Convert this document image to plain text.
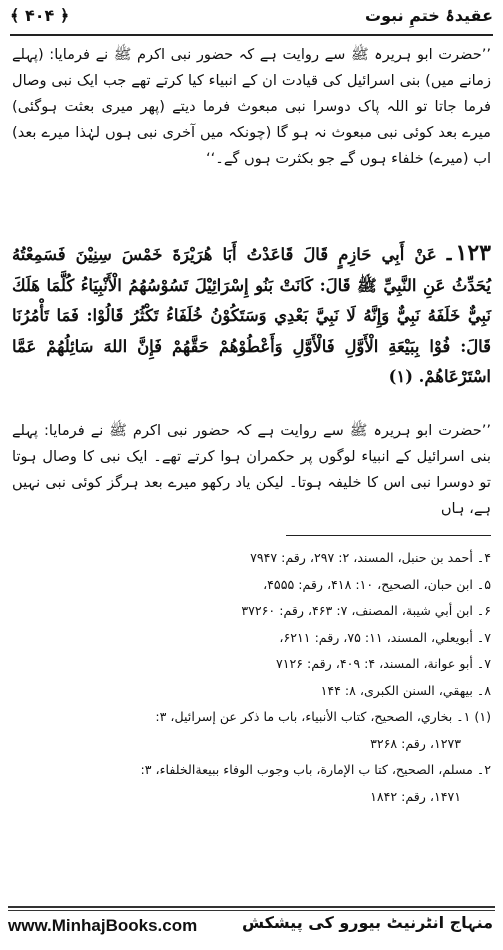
عقیدۂ ختمِ نبوت
﴾ ۴۰۴ ﴿
’’حضرت ابو ہریرہ ﷺ سے روایت ہے کہ حضور نبی اکرم ﷺ نے فرمایا: (پہلے زمانے میں) بنی اسرائیل کی قیادت ان کے انبیاء کیا کرتے تھے جب ایک نبی وصال فرما جاتا تو اللہ پاک دوسرا نبی مبعوث فرما دیتے (پھر میری بعثت ہوگئی) میرے بعد کوئی نبی مبعوث نہ ہو گا (چونکہ میں آخری نبی ہوں لہٰذا میرے بعد) اب (میرے) خلفاء ہوں گے جو بکثرت ہوں گے۔‘‘
۱۲۳۔عَنْ أَبِي حَازِمٍ قَالَ قَاعَدْتُ أَبَا هُرَيْرَةَ خَمْسَ سِنِيْنَ فَسَمِعْتُهُ يُحَدِّثُ عَنِ النَّبِيِّ ﷺ قَالَ: كَانَتْ بَنُو إِسْرَائِيْلَ تَسُوْسُهُمُ الْأَنْبِيَاءُ كُلَّمَا هَلَكَ نَبِيٌّ خَلَفَهُ نَبِيٌّ وَإِنَّهُ لَا نَبِيَّ بَعْدِي وَسَتَكُوْنُ خُلَفَاءُ تَكْثُرُ قَالُوْا: فَمَا تَأْمُرُنَا قَالَ: فُوْا بِبَيْعَةِ الْأَوَّلِ فَالْأَوَّلِ وَأَعْطُوْهُمْ حَقَّهُمْ فَإِنَّ اللهَ سَائِلُهُمْ عَمَّا اسْتَرْعَاهُمْ. (۱)
’’حضرت ابو ہریرہ ﷺ سے روایت ہے کہ حضور نبی اکرم ﷺ نے فرمایا: پہلے بنی اسرائیل کے انبیاء لوگوں پر حکمران ہوا کرتے تھے۔ ایک نبی کا وصال ہوتا تو دوسرا نبی اس کا خلیفہ ہوتا۔ لیکن یاد رکھو میرے بعد ہرگز کوئی نبی نہیں ہے، ہاں
۴۔ أحمد بن حنبل، المسند، ۲: ۲۹۷، رقم: ۷۹۴۷
۵۔ ابن حبان، الصحیح، ۱۰: ۴۱۸، رقم: ۴۵۵۵،
۶۔ ابن أبي شیبة، المصنف، ۷: ۴۶۳، رقم: ۳۷۲۶۰
۷۔ أبویعلي، المسند، ۱۱: ۷۵، رقم: ۶۲۱۱،
۷۔ أبو عوانة، المسند، ۴: ۴۰۹، رقم: ۷۱۲۶
۸۔ بیهقي، السنن الكبری، ۸: ۱۴۴
(۱) ۱۔ بخاري، الصحیح، كتاب الأنبیاء، باب ما ذكر عن إسرائیل، ۳:
۱۲۷۳، رقم: ۳۲۶۸
۲۔ مسلم، الصحیح، كتا ب الإمارة، باب وجوب الوفاء ببیعةالخلفاء، ۳:
۱۴۷۱، رقم: ۱۸۴۲
www.MinhajBooks.com	منہاج انٹرنیٹ بیورو کی پیشکش
